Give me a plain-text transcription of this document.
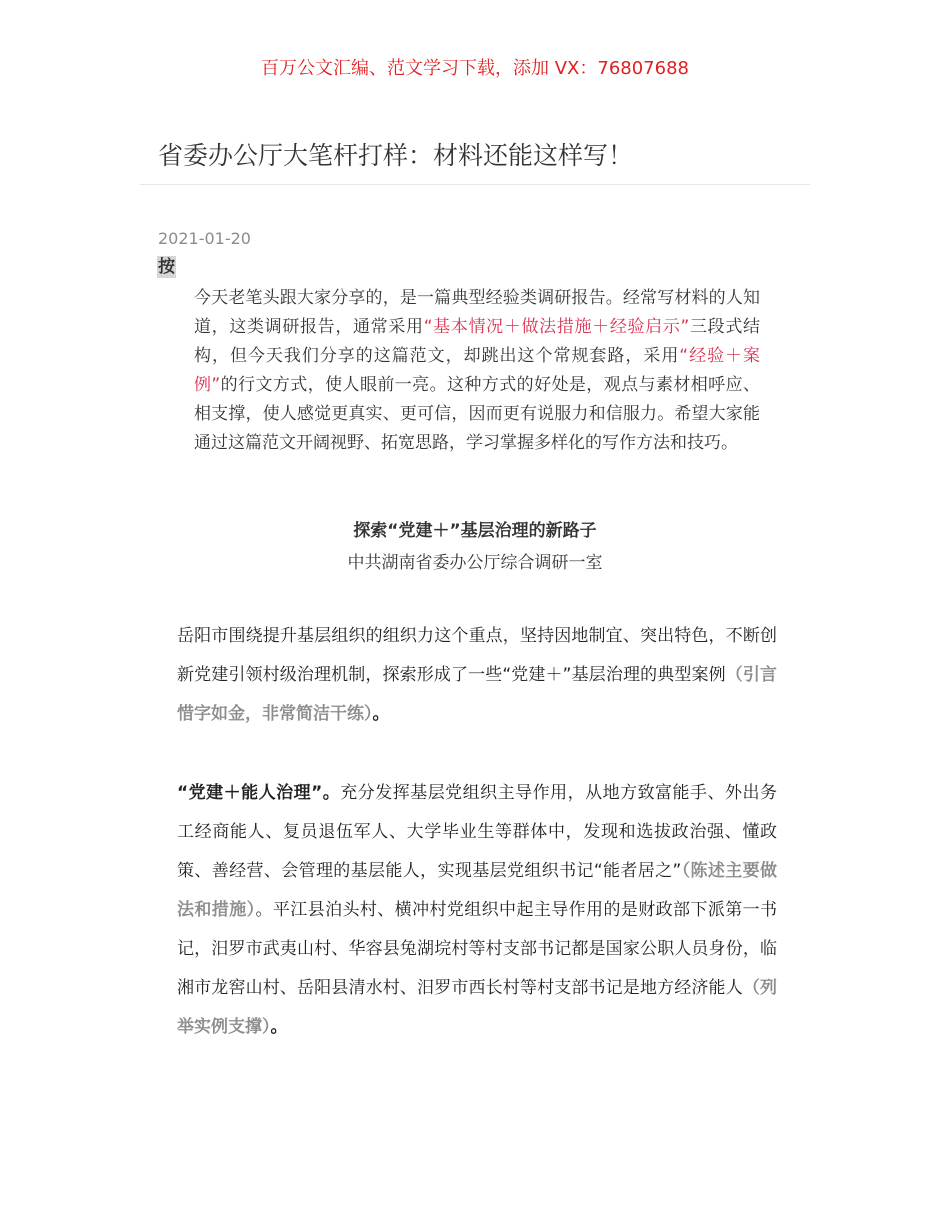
百万公文汇编、范文学习下载，添加 VX：76807688
省委办公厅大笔杆打样：材料还能这样写！
2021-01-20
按
今天老笔头跟大家分享的，是一篇典型经验类调研报告。经常写材料的人知道，这类调研报告，通常采用“基本情况＋做法措施＋经验启示”三段式结构，但今天我们分享的这篇范文，却跳出这个常规套路，采用“经验＋案例”的行文方式，使人眼前一亮。这种方式的好处是，观点与素材相呼应、相支撑，使人感觉更真实、更可信，因而更有说服力和信服力。希望大家能通过这篇范文开阔视野、拓宽思路，学习掌握多样化的写作方法和技巧。
探索“党建＋”基层治理的新路子
中共湖南省委办公厅综合调研一室
岳阳市围绕提升基层组织的组织力这个重点，坚持因地制宜、突出特色，不断创新党建引领村级治理机制，探索形成了一些“党建＋”基层治理的典型案例（引言惜字如金，非常简洁干练）。
“党建＋能人治理”。充分发挥基层党组织主导作用，从地方致富能手、外出务工经商能人、复员退伍军人、大学毕业生等群体中，发现和选拔政治强、懂政策、善经营、会管理的基层能人，实现基层党组织书记“能者居之”（陈述主要做法和措施）。平江县泊头村、横冲村党组织中起主导作用的是财政部下派第一书记，汨罗市武夷山村、华容县兔湖垸村等村支部书记都是国家公职人员身份，临湘市龙窖山村、岳阳县清水村、汨罗市西长村等村支部书记是地方经济能人（列举实例支撑）。
